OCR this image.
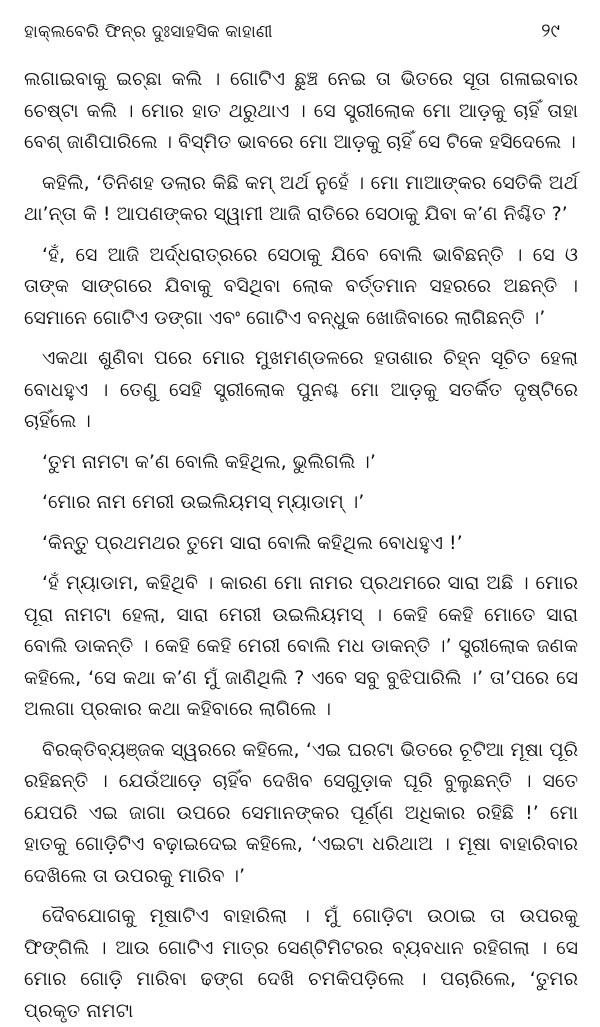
ହାକ୍‌ଲବେରି ଫିନ୍‌ର ଦୁଃସାହସିକ କାହାଣୀ	୨୯

ଲଗାଇବାକୁ ଇଚ୍ଛା କଲି । ଗୋଟିଏ ଛୁଞ୍ଚ ନେଇ ତା ଭିତରେ ସୂତା ଗଳାଇବାର ଚେଷ୍ଟା କଲି । ମୋର ହାତ ଥରୁଥାଏ । ସେ ସ୍ତ୍ରୀଲୋକ ମୋ ଆଡ଼କୁ ଚାହିଁ ତାହା ବେଶ୍ ଜାଣିପାରିଲେ । ବିସ୍ମିତ ଭାବରେ ମୋ ଆଡ଼କୁ ଚାହିଁ ସେ ଟିକେ ହସିଦେଲେ ।

କହିଲି, ‘ତିନିଶହ ଡଲାର କିଛି କମ୍ ଅର୍ଥ ନୁହେଁ । ମୋ ମାଆଙ୍କର ସେତିକି ଅର୍ଥ ଥା’ନ୍ତା କି ! ଆପଣଙ୍କର ସ୍ୱାମୀ ଆଜି ରାତିରେ ସେଠାକୁ ଯିବା କ’ଣ ନିଶ୍ଚିତ ?’

‘ହଁ, ସେ ଆଜି ଅର୍ଦ୍ଧରାତ୍ରରେ ସେଠାକୁ ଯିବେ ବୋଲି ଭାବିଛନ୍ତି । ସେ ଓ ତାଙ୍କ ସାଙ୍ଗରେ ଯିବାକୁ ବସିଥିବା ଲୋକ ବର୍ତ୍ତମାନ ସହରରେ ଅଛନ୍ତି । ସେମାନେ ଗୋଟିଏ ଡଙ୍ଗା ଏବଂ ଗୋଟିଏ ବନ୍ଧୁକ ଖୋଜିବାରେ ଲାଗିଛନ୍ତି ।’

ଏକଥା ଶୁଣିବା ପରେ ମୋର ମୁଖମଣ୍ଡଳରେ ହତାଶାର ଚିହ୍ନ ସୂଚିତ ହେଲା ବୋଧହୁଏ । ତେଣୁ ସେହି ସ୍ତ୍ରୀଲୋକ ପୁନଶ୍ଚ ମୋ ଆଡ଼କୁ ସତର୍କିତ ଦୃଷ୍ଟିରେ ଚାହିଁଲେ ।

‘ତୁମ ନାମଟା କ’ଣ ବୋଲି କହିଥିଲ, ଭୁଲିଗଲି ।’

‘ମୋର ନାମ ମେରୀ ଉଇଲିୟମସ୍ ମ୍ୟାଡାମ୍ ।’

‘କିନ୍ତୁ ପ୍ରଥମଥର ତୁମେ ସାରା ବୋଲି କହିଥିଲ ବୋଧହୁଏ !’

‘ହଁ ମ୍ୟାଡାମ, କହିଥିବି । କାରଣ ମୋ ନାମର ପ୍ରଥମରେ ସାରା ଅଛି । ମୋର ପୂରା ନାମଟା ହେଲା, ସାରା ମେରୀ ଉଇଲିୟମସ୍ । କେହି କେହି ମୋତେ ସାରା ବୋଲି ଡାକନ୍ତି । କେହି କେହି ମେରୀ ବୋଲି ମଧ ଡାକନ୍ତି ।’ ସ୍ତ୍ରୀଲୋକ ଜଣକ କହିଲେ, ‘ସେ କଥା କ’ଣ ମୁଁ ଜାଣିଥିଲି ? ଏବେ ସବୁ ବୁଝିପାରିଲି ।’ ତା’ପରେ ସେ ଅଲଗା ପ୍ରକାର କଥା କହିବାରେ ଲାଗିଲେ ।

ବିରକ୍ତିବ୍ୟଞ୍ଜକ ସ୍ୱରରେ କହିଲେ, ‘ଏଇ ଘରଟା ଭିତରେ ଚୂଟିଆ ମୂଷା ପୂରି ରହିଛନ୍ତି । ଯେଉଁଆଡ଼େ ଚାହିଁବ ଦେଖିବ ସେଗୁଡ଼ାକ ଘୂରି ବୁଲୁଛନ୍ତି । ସତେ ଯେପରି ଏଇ ଜାଗା ଉପରେ ସେମାନଙ୍କର ପୂର୍ଣ୍ଣ ଅଧିକାର ରହିଛି !’ ମୋ ହାତକୁ ଗୋଡ଼ିଟିଏ ବଢ଼ାଇଦେଇ କହିଲେ, ‘ଏଇଟା ଧରିଥାଅ । ମୂଷା ବାହାରିବାର ଦେଖିଲେ ତା ଉପରକୁ ମାରିବ ।’

ଦୈବଯୋଗକୁ ମୂଷାଟିଏ ବାହାରିଲା । ମୁଁ ଗୋଡ଼ିଟା ଉଠାଇ ତା ଉପରକୁ ଫିଙ୍ଗିଲି । ଆଉ ଗୋଟିଏ ମାତ୍ର ସେଣ୍ଟିମିଟରର ବ୍ୟବଧାନ ରହିଗଲା । ସେ ମୋର ଗୋଡ଼ି ମାରିବା ଢଙ୍ଗ ଦେଖି ଚମକିପଡ଼ିଲେ । ପଚାରିଲେ, ‘ତୁମର ପ୍ରକୃତ ନାମଟା
